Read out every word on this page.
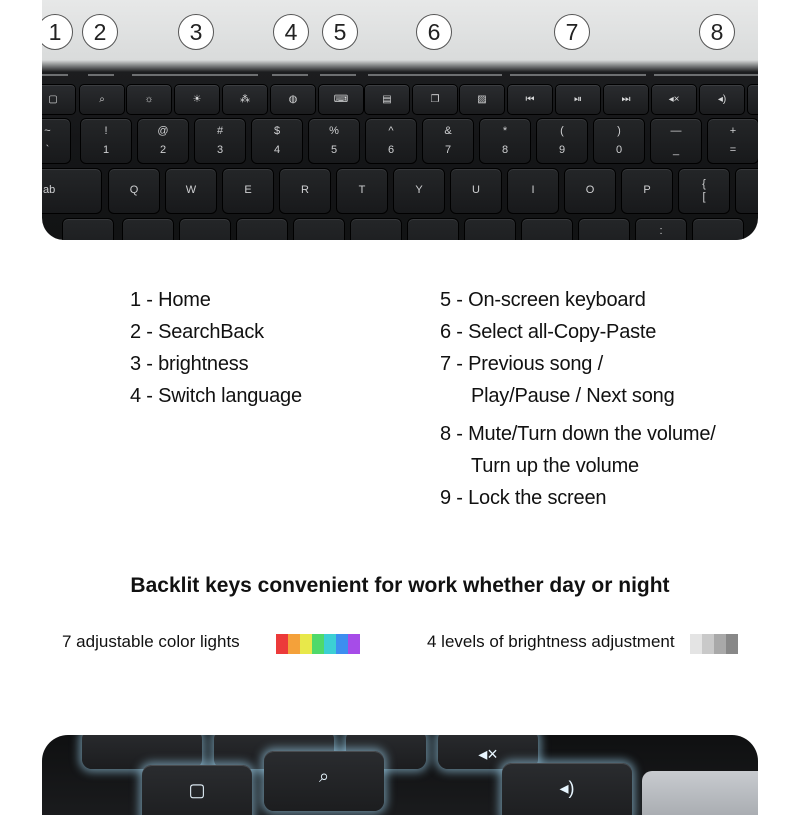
1	2	3	4	5	6	7	8
▢	⌕	☼	☀	⁂	◍	⌨	▤	❐	▨	⏮	⏯	⏭	◂×	◂)
~
`
!
1
@
2
#
3
$
4
%
5
^
6
&
7
*
8
(
9
)
0
—
_
+
=
ab	Q	W	E	R	T	Y	U	I	O	P	{
[
:
1 - Home
2 - SearchBack
3 - brightness
4 - Switch language
5 - On-screen keyboard
6 - Select all-Copy-Paste
7 - Previous song /
Play/Pause / Next song
8 - Mute/Turn down the volume/
Turn up the volume
9 - Lock the screen
Backlit keys convenient for work whether day or night
7 adjustable color lights	4 levels of brightness adjustment
◂×
▢
⌕
◂)
